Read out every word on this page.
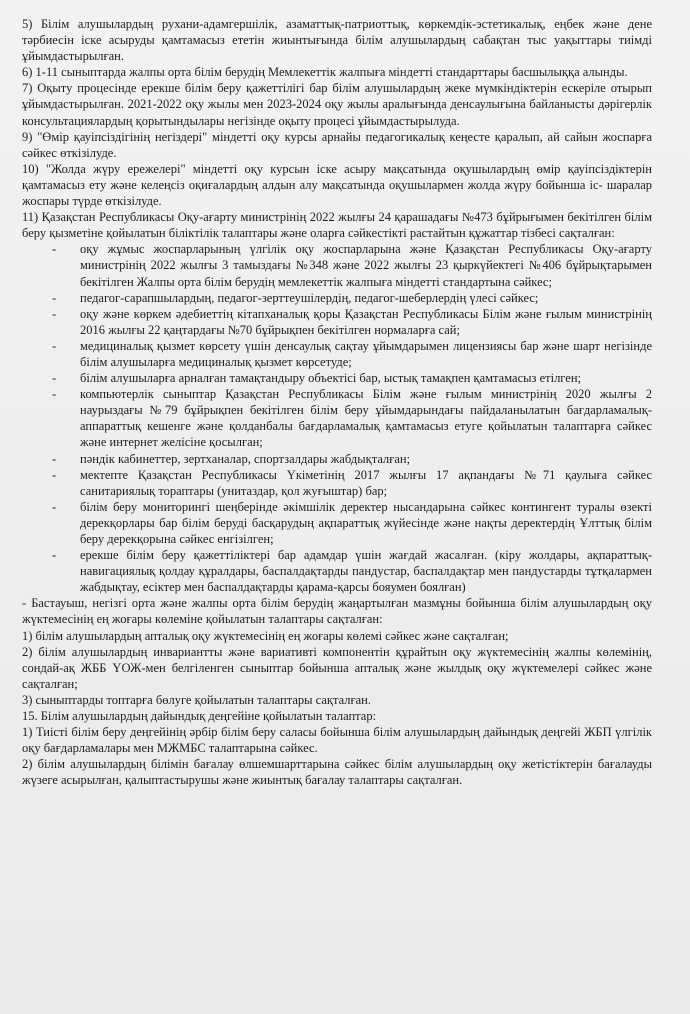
5) Білім алушылардың рухани-адамгершілік, азаматтық-патриоттық, көркемдік-эстетикалық, еңбек және дене тәрбиесін іске асыруды қамтамасыз ететін жиынтығында білім алушылардың сабақтан тыс уақыттары тиімді ұйымдастырылған.

6) 1-11 сыныптарда жалпы орта білім берудің Мемлекеттік жалпыға міндетті стандарттары басшылыққа алынды.

7) Оқыту процесінде ерекше білім беру қажеттілігі бар білім алушылардың жеке мүмкіндіктерін ескеріле отырып ұйымдастырылған. 2021-2022 оқу жылы мен 2023-2024 оқу жылы аралығында денсаулығына байланысты дәрігерлік консультациялардың қорытындылары негізінде оқыту процесі ұйымдастырылуда.

9) "Өмір қауіпсіздігінің негіздері" міндетті оқу курсы арнайы педагогикалық кеңесте қаралып, ай сайын жоспарға сәйкес өткізілуде.

10) "Жолда жүру ережелері" міндетті оқу курсын іске асыру мақсатында оқушылардың өмір қауіпсіздіктерін қамтамасыз ету және келеңсіз оқиғалардың алдын алу мақсатында оқушылармен жолда жүру бойынша іс- шаралар жоспары түрде өткізілуде.

11) Қазақстан Республикасы Оқу-ағарту министрінің 2022 жылғы 24 қарашадағы №473 бұйрығымен бекітілген білім беру қызметіне қойылатын біліктілік талаптары және оларға сәйкестікті растайтын құжаттар тізбесі сақталған:

- оқу жұмыс жоспарларының үлгілік оқу жоспарларына және Қазақстан Республикасы Оқу-ағарту министрінің 2022 жылғы 3 тамыздағы №348 және 2022 жылғы 23 қыркүйектегі №406 бұйрықтарымен бекітілген Жалпы орта білім берудің мемлекеттік жалпыға міндетті стандартына сәйкес;
- педагог-сарапшылардың, педагог-зерттеушілердің, педагог-шеберлердің үлесі сәйкес;
- оқу және көркем әдебиеттің кітапханалық қоры Қазақстан Республикасы Білім және ғылым министрінің 2016 жылғы 22 қаңтардағы №70 бұйрықпен бекітілген нормаларға сай;
- медициналық қызмет көрсету үшін денсаулық сақтау ұйымдарымен лицензиясы бар және шарт негізінде білім алушыларға медициналық қызмет көрсетуде;
- білім алушыларға арналған тамақтандыру объектісі бар, ыстық тамақпен қамтамасыз етілген;
- компьютерлік сыныптар Қазақстан Республикасы Білім және ғылым министрінің 2020 жылғы 2 наурыздағы №79 бұйрықпен бекітілген білім беру ұйымдарындағы пайдаланылатын бағдарламалық-аппараттық кешенге және қолданбалы бағдарламалық қамтамасыз етуге қойылатын талаптарға сәйкес және интернет желісіне қосылған;
- пәндік кабинеттер, зертханалар, спортзалдары жабдықталған;
- мектепте Қазақстан Республикасы Үкіметінің 2017 жылғы 17 ақпандағы №71 қаулыға сәйкес санитариялық тораптары (унитаздар, қол жуғыштар) бар;
- білім беру мониторингі шеңберінде әкімшілік деректер нысандарына сәйкес контингент туралы өзекті дерекқорлары бар білім беруді басқарудың ақпараттық жүйесінде және нақты деректердің Ұлттық білім беру дерекқорына сәйкес енгізілген;
- ерекше білім беру қажеттіліктері бар адамдар үшін жағдай жасалған. (кіру жолдары, ақпараттық-навигациялық қолдау құралдары, баспалдақтарды пандустар, баспалдақтар мен пандустарды тұтқалармен жабдықтау, есіктер мен баспалдақтарды қарама-қарсы бояумен боялған)

- Бастауыш, негізгі орта және жалпы орта білім берудің жаңартылған мазмұны бойынша білім алушылардың оқу жүктемесінің ең жоғары көлеміне қойылатын талаптары сақталған:

1) білім алушылардың апталық оқу жүктемесінің ең жоғары көлемі сәйкес және сақталған;

2) білім алушылардың инвариантты және вариативті компонентін құрайтын оқу жүктемесінің жалпы көлемінің, сондай-ақ ЖББ ҮОЖ-мен белгіленген сыныптар бойынша апталық және жылдық оқу жүктемелері сәйкес және сақталған;

3) сыныптарды топтарға бөлуге қойылатын талаптары сақталған.

15. Білім алушылардың дайындық деңгейіне қойылатын талаптар:

1) Тиісті білім беру деңгейінің әрбір білім беру саласы бойынша білім алушылардың дайындық деңгейі ЖБП үлгілік оқу бағдарламалары мен МЖМБС талаптарына сәйкес.

2) білім алушылардың білімін бағалау өлшемшарттарына сәйкес білім алушылардың оқу жетістіктерін бағалауды жүзеге асырылған, қалыптастырушы және жиынтық бағалау талаптары сақталған.
